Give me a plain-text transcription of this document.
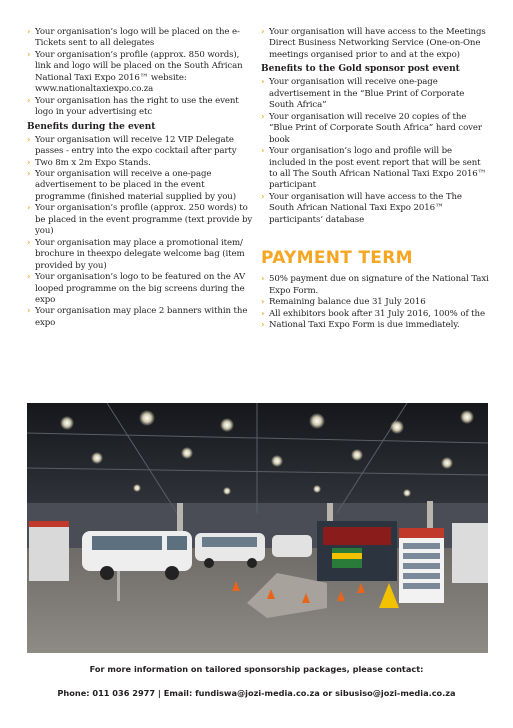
› Your organisation’s logo will be placed on the e-Tickets sent to all delegates
› Your organisation’s profile (approx. 850 words), link and logo will be placed on the South African National Taxi Expo 2016™ website: www.nationaltaxiexpo.co.za
› Your organisation has the right to use the event logo in your advertising etc
Benefits during the event
› Your organisation will receive 12 VIP Delegate passes - entry into the expo cocktail after party
› Two 8m x 2m Expo Stands.
› Your organisation will receive a one-page advertisement to be placed in the event programme (finished material supplied by you)
› Your organisation’s profile (approx. 250 words) to be placed in the event programme (text provide by you)
› Your organisation may place a promotional item/ brochure in theexpo delegate welcome bag (item provided by you)
› Your organisation’s logo to be featured on the AV looped programme on the big screens during the expo
› Your organisation may place 2 banners within the expo
› Your organisation will have access to the Meetings Direct Business Networking Service (One-on-One meetings organised prior to and at the expo)
Benefits to the Gold sponsor post event
› Your organisation will receive one-page advertisement in the “Blue Print of Corporate South Africa”
› Your organisation will receive 20 copies of the “Blue Print of Corporate South Africa” hard cover book
› Your organisation’s logo and profile will be included in the post event report that will be sent to all The South African National Taxi Expo 2016™ participant
› Your organisation will have access to the The South African National Taxi Expo 2016™ participants’ database
PAYMENT TERM
› 50% payment due on signature of the National Taxi Expo Form.
› Remaining balance due 31 July 2016
› All exhibitors book after 31 July 2016, 100% of the
› National Taxi Expo Form is due immediately.
For more information on tailored sponsorship packages, please contact:
Phone: 011 036 2977 | Email: fundiswa@jozi-media.co.za or sibusiso@jozi-media.co.za
